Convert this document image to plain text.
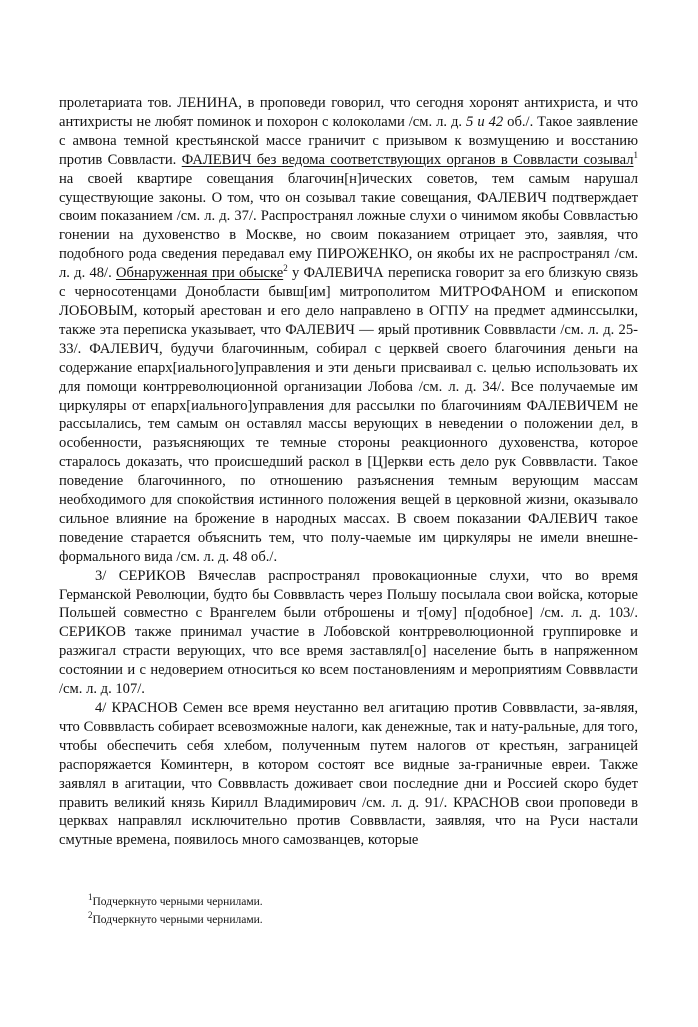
пролетариата тов. ЛЕНИНА, в проповеди говорил, что сегодня хоронят антихриста, и что антихристы не любят поминок и похорон с колоколами /см. л. д. 5 и 42 об./. Такое заявление с амвона темной крестьянской массе граничит с призывом к возмущению и восстанию против Соввласти. ФАЛЕВИЧ без ведома соответствующих органов в Соввласти созывал$^1$ на своей квартире совещания благочин[н]ических советов, тем самым нарушал существующие законы. О том, что он созывал такие совещания, ФАЛЕВИЧ подтверждает своим показанием /см. л. д. 37/. Распространял ложные слухи о чинимом якобы Соввластью гонении на духовенство в Москве, но своим показанием отрицает это, заявляя, что подобного рода сведения передавал ему ПИРОЖЕНКО, он якобы их не распространял /см. л. д. 48/. Обнаруженная при обыске$^2$ у ФАЛЕВИЧА переписка говорит за его близкую связь с черносотенцами Донобласти бывш[им] митрополитом МИТРОФАНОМ и епископом ЛОБОВЫМ, который арестован и его дело направлено в ОГПУ на предмет админссылки, также эта переписка указывает, что ФАЛЕВИЧ — ярый противник Совввласти /см. л. д. 25-33/. ФАЛЕВИЧ, будучи благочинным, собирал с церквей своего благочиния деньги на содержание епарх[иального]управления и эти деньги присваивал с. целью использовать их для помощи контрреволюционной организации Лобова /см. л. д. 34/. Все получаемые им циркуляры от епарх[иального]управления для рассылки по благочиниям ФАЛЕВИЧЕМ не рассылались, тем самым он оставлял массы верующих в неведении о положении дел, в особенности, разъясняющих те темные стороны реакционного духовенства, которое старалось доказать, что происшедший раскол в [Ц]еркви есть дело рук Совввласти. Такое поведение благочинного, по отношению разъяснения темным верующим массам необходимого для спокойствия истинного положения вещей в церковной жизни, оказывало сильное влияние на брожение в народных массах. В своем показании ФАЛЕВИЧ такое поведение старается объяснить тем, что полу-чаемые им циркуляры не имели внешне-формального вида /см. л. д. 48 об./.

3/ СЕРИКОВ Вячеслав распространял провокационные слухи, что во время Германской Революции, будто бы Совввласть через Польшу посылала свои войска, которые Польшей совместно с Врангелем были отброшены и т[ому] п[одобное] /см. л. д. 103/. СЕРИКОВ также принимал участие в Лобовской контрреволюционной группировке и разжигал страсти верующих, что все время заставлял[о] население быть в напряженном состоянии и с недоверием относиться ко всем постановлениям и мероприятиям Совввласти /см. л. д. 107/.

4/ КРАСНОВ Семен все время неустанно вел агитацию против Совввласти, за-являя, что Совввласть собирает всевозможные налоги, как денежные, так и нату-ральные, для того, чтобы обеспечить себя хлебом, полученным путем налогов от крестьян, заграницей распоряжается Коминтерн, в котором состоят все видные за-граничные евреи. Также заявлял в агитации, что Совввласть доживает свои последние дни и Россией скоро будет править великий князь Кирилл Владимирович /см. л. д. 91/. КРАСНОВ свои проповеди в церквах направлял исключительно против Совввласти, заявляя, что на Руси настали смутные времена, появилось много самозванцев, которые

$^1$Подчеркнуто черными чернилами.
$^2$Подчеркнуто черными чернилами.
